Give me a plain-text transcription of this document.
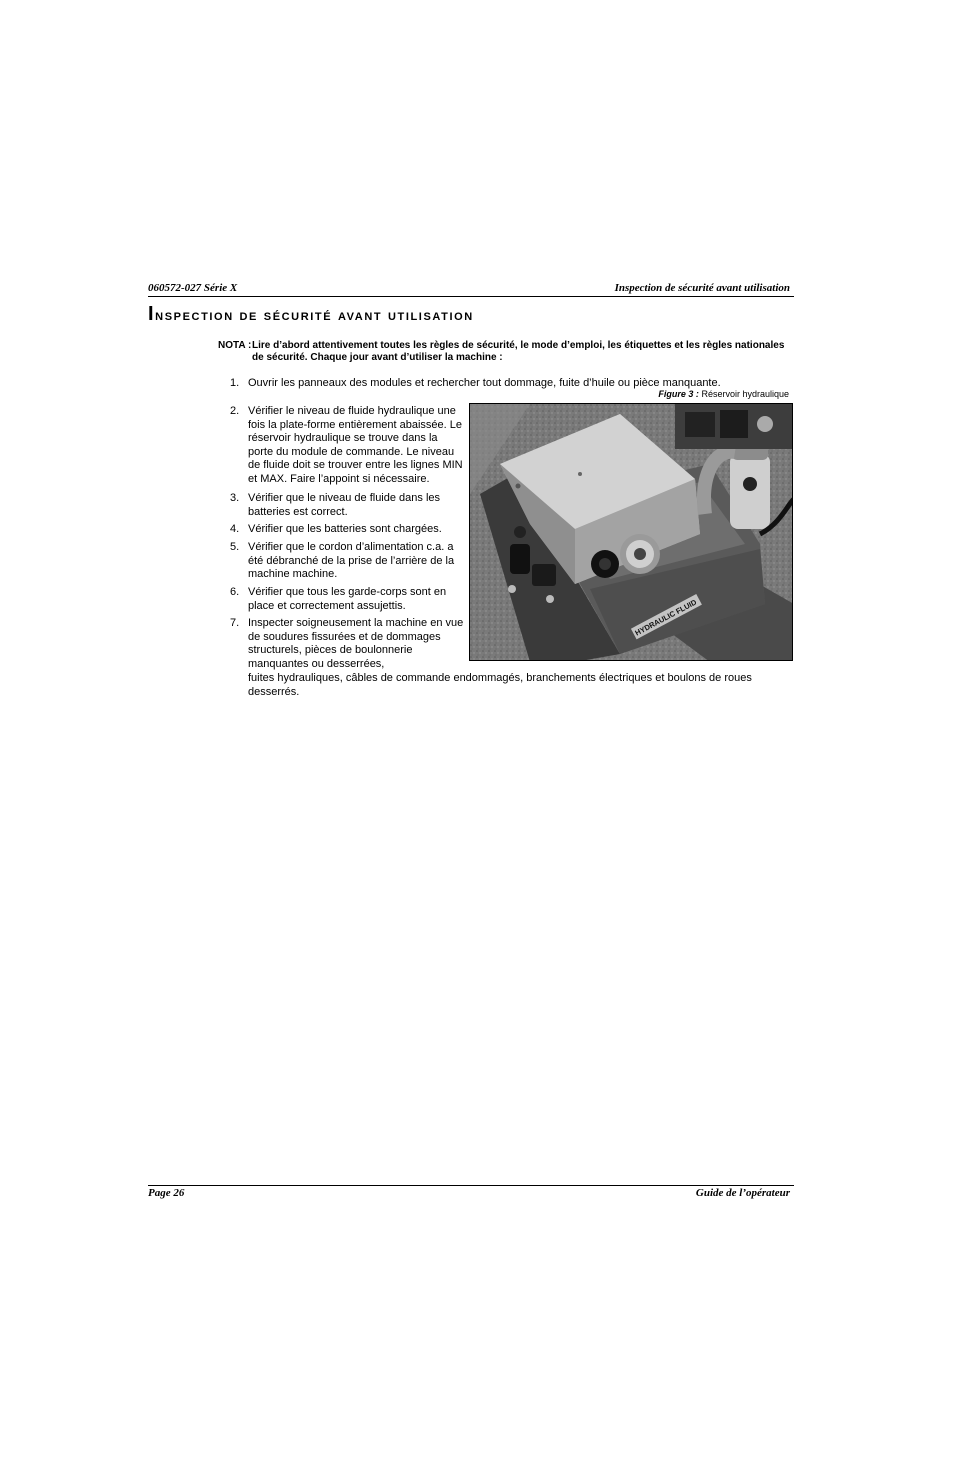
060572-027 Série X	Inspection de sécurité avant utilisation
Inspection de sécurité avant utilisation
NOTA : Lire d’abord attentivement toutes les règles de sécurité, le mode d’emploi, les étiquettes et les règles nationales de sécurité. Chaque jour avant d’utiliser la machine :
1. Ouvrir les panneaux des modules et rechercher tout dommage, fuite d’huile ou pièce manquante.
Figure 3 : Réservoir hydraulique
2. Vérifier le niveau de fluide hydraulique une fois la plate-forme entièrement abaissée. Le réservoir hydraulique se trouve dans la porte du module de commande. Le niveau de fluide doit se trouver entre les lignes MIN et MAX. Faire l’appoint si nécessaire.
3. Vérifier que le niveau de fluide dans les batteries est correct.
4. Vérifier que les batteries sont chargées.
5. Vérifier que le cordon d’alimentation c.a. a été débranché de la prise de l’arrière de la machine machine.
6. Vérifier que tous les garde-corps sont en place et correctement assujettis.
7. Inspecter soigneusement la machine en vue de soudures fissurées et de dommages structurels, pièces de boulonnerie manquantes ou desserrées,
fuites hydrauliques, câbles de commande endommagés, branchements électriques et boulons de roues desserrés.
HYDRAULIC FLUID
Page 26	Guide de l’opérateur
